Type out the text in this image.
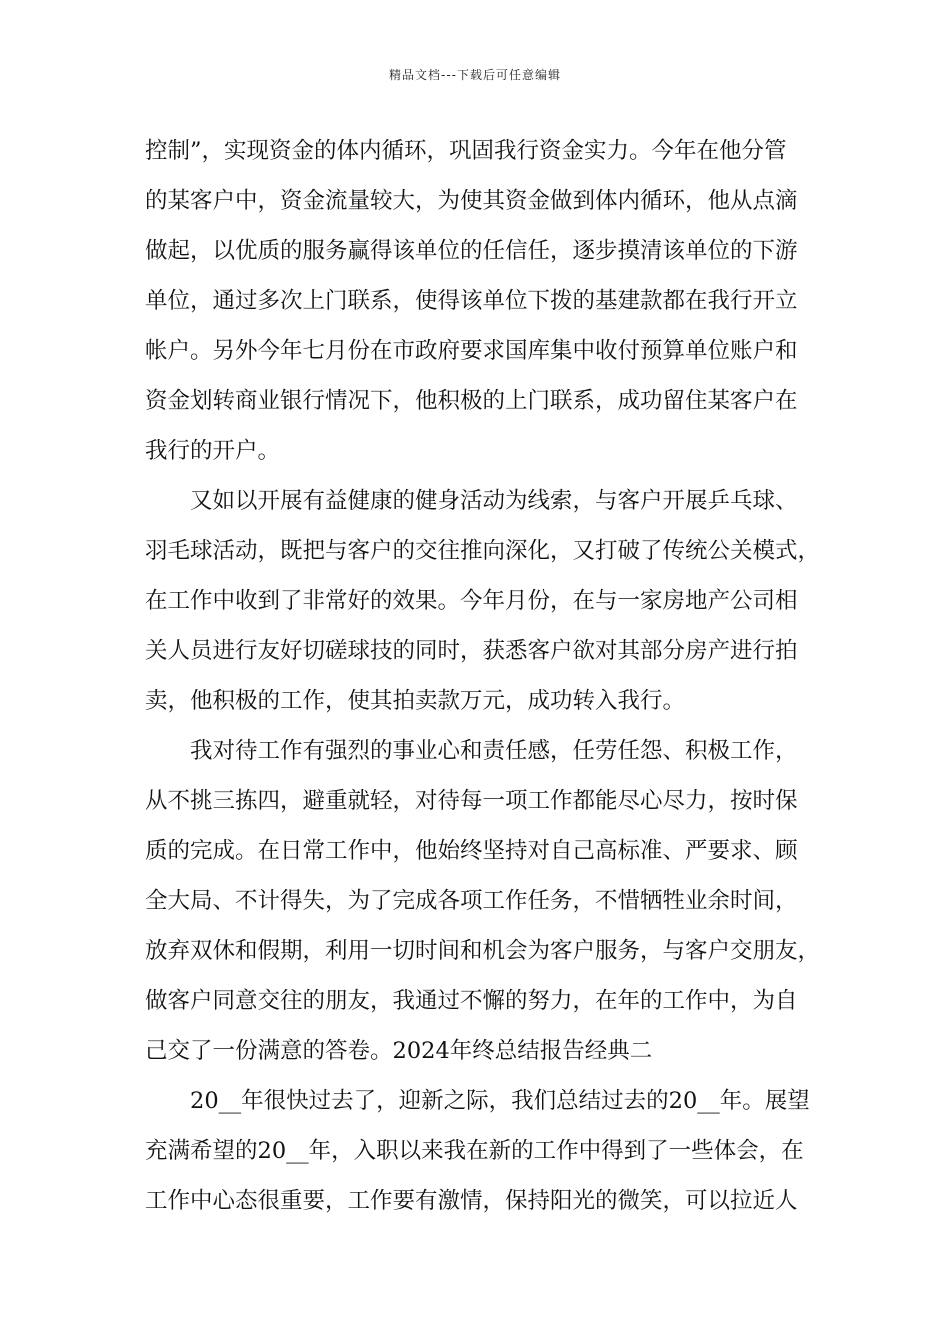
精品文档---下载后可任意编辑
控制”，实现资金的体内循环，巩固我行资金实力。今年在他分管
的某客户中，资金流量较大，为使其资金做到体内循环，他从点滴
做起，以优质的服务赢得该单位的任信任，逐步摸清该单位的下游
单位，通过多次上门联系，使得该单位下拨的基建款都在我行开立
帐户。另外今年七月份在市政府要求国库集中收付预算单位账户和
资金划转商业银行情况下，他积极的上门联系，成功留住某客户在
我行的开户。
又如以开展有益健康的健身活动为线索，与客户开展乒乓球、
羽毛球活动，既把与客户的交往推向深化，又打破了传统公关模式，
在工作中收到了非常好的效果。今年月份，在与一家房地产公司相
关人员进行友好切磋球技的同时，获悉客户欲对其部分房产进行拍
卖，他积极的工作，使其拍卖款万元，成功转入我行。
我对待工作有强烈的事业心和责任感，任劳任怨、积极工作，
从不挑三拣四，避重就轻，对待每一项工作都能尽心尽力，按时保
质的完成。在日常工作中，他始终坚持对自己高标准、严要求、顾
全大局、不计得失，为了完成各项工作任务，不惜牺牲业余时间，
放弃双休和假期，利用一切时间和机会为客户服务，与客户交朋友，
做客户同意交往的朋友，我通过不懈的努力，在年的工作中，为自
己交了一份满意的答卷。2024年终总结报告经典二
20__年很快过去了，迎新之际，我们总结过去的20__年。展望
充满希望的20__年，入职以来我在新的工作中得到了一些体会，在
工作中心态很重要，工作要有激情，保持阳光的微笑，可以拉近人
